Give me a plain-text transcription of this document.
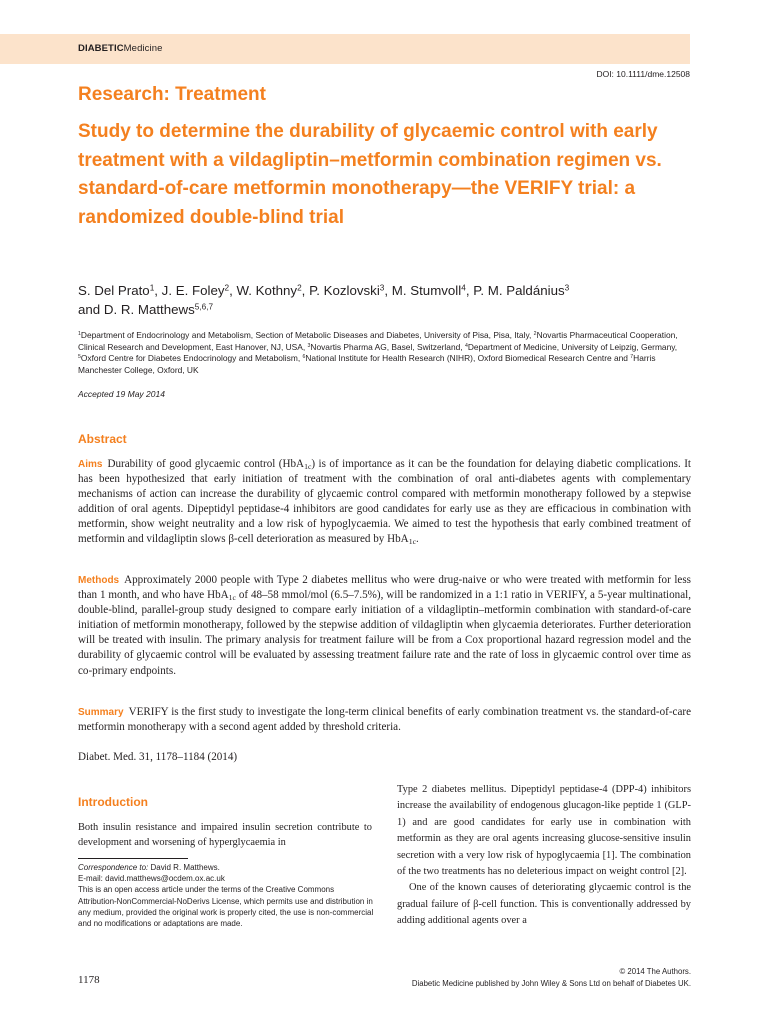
DIABETICMedicine
DOI: 10.1111/dme.12508
Research: Treatment
Study to determine the durability of glycaemic control with early treatment with a vildagliptin–metformin combination regimen vs. standard-of-care metformin monotherapy—the VERIFY trial: a randomized double-blind trial

S. Del Prato$^1$, J. E. Foley$^2$, W. Kothny$^2$, P. Kozlovski$^3$, M. Stumvoll$^4$, P. M. Paldánius$^3$
and D. R. Matthews$^{5,6,7}$

$^1$Department of Endocrinology and Metabolism, Section of Metabolic Diseases and Diabetes, University of Pisa, Pisa, Italy, $^2$Novartis Pharmaceutical Cooperation, Clinical Research and Development, East Hanover, NJ, USA, $^3$Novartis Pharma AG, Basel, Switzerland, $^4$Department of Medicine, University of Leipzig, Germany, $^5$Oxford Centre for Diabetes Endocrinology and Metabolism, $^6$National Institute for Health Research (NIHR), Oxford Biomedical Research Centre and $^7$Harris Manchester College, Oxford, UK

Accepted 19 May 2014
Abstract

Aims Durability of good glycaemic control (HbA$_{1c}$) is of importance as it can be the foundation for delaying diabetic complications. It has been hypothesized that early initiation of treatment with the combination of oral anti-diabetes agents with complementary mechanisms of action can increase the durability of glycaemic control compared with metformin monotherapy followed by a stepwise addition of oral agents. Dipeptidyl peptidase-4 inhibitors are good candidates for early use as they are efficacious in combination with metformin, show weight neutrality and a low risk of hypoglycaemia. We aimed to test the hypothesis that early combined treatment of metformin and vildagliptin slows β-cell deterioration as measured by HbA$_{1c}$.

Methods Approximately 2000 people with Type 2 diabetes mellitus who were drug-naive or who were treated with metformin for less than 1 month, and who have HbA$_{1c}$ of 48–58 mmol/mol (6.5–7.5%), will be randomized in a 1:1 ratio in VERIFY, a 5-year multinational, double-blind, parallel-group study designed to compare early initiation of a vildagliptin–metformin combination with standard-of-care initiation of metformin monotherapy, followed by the stepwise addition of vildagliptin when glycaemia deteriorates. Further deterioration will be treated with insulin. The primary analysis for treatment failure will be from a Cox proportional hazard regression model and the durability of glycaemic control will be evaluated by assessing treatment failure rate and the rate of loss in glycaemic control over time as co-primary endpoints.

Summary VERIFY is the first study to investigate the long-term clinical benefits of early combination treatment vs. the standard-of-care metformin monotherapy with a second agent added by threshold criteria.

Diabet. Med. 31, 1178–1184 (2014)
Introduction

Both insulin resistance and impaired insulin secretion contribute to development and worsening of hyperglycaemia in

Correspondence to: David R. Matthews.

E-mail: david.matthews@ocdem.ox.ac.uk

This is an open access article under the terms of the Creative Commons Attribution-NonCommercial-NoDerivs License, which permits use and distribution in any medium, provided the original work is properly cited, the use is non-commercial and no modifications or adaptations are made.

Type 2 diabetes mellitus. Dipeptidyl peptidase-4 (DPP-4) inhibitors increase the availability of endogenous glucagon-like peptide 1 (GLP-1) and are good candidates for early use in combination with metformin as they are oral agents increasing glucose-sensitive insulin secretion with a very low risk of hypoglycaemia [1]. The combination of the two treatments has no deleterious impact on weight control [2].

One of the known causes of deteriorating glycaemic control is the gradual failure of β-cell function. This is conventionally addressed by adding additional agents over a

1178
© 2014 The Authors.
Diabetic Medicine published by John Wiley & Sons Ltd on behalf of Diabetes UK.
